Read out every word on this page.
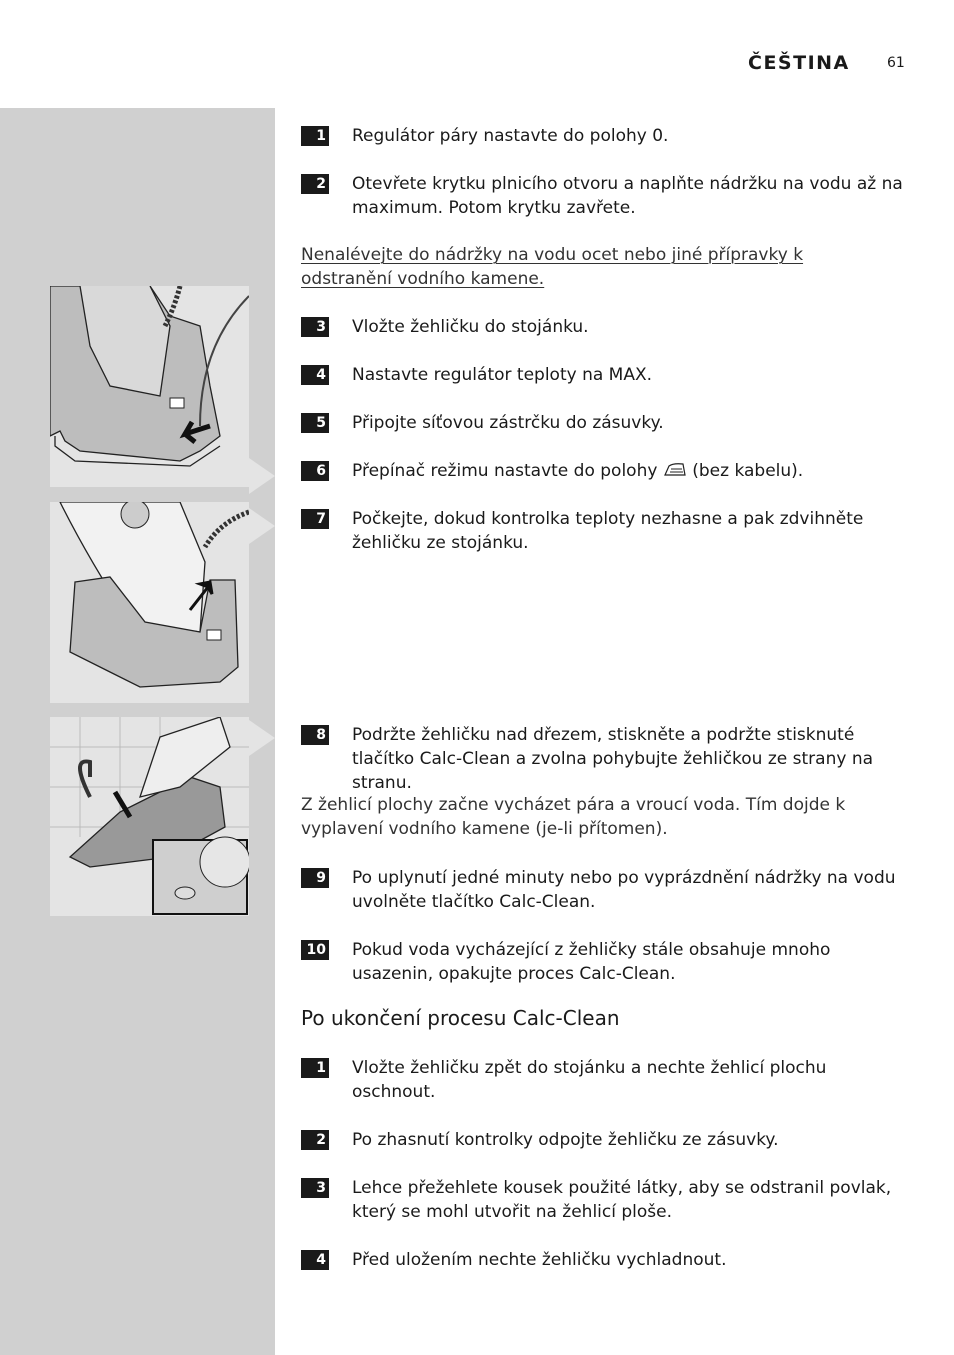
ČEŠTINA	61
1 Regulátor páry nastavte do polohy 0.
2 Otevřete krytku plnicího otvoru a naplňte nádržku na vodu až na maximum. Potom krytku zavřete.
Nenalévejte do nádržky na vodu ocet nebo jiné přípravky k odstranění vodního kamene.
3 Vložte žehličku do stojánku.
4 Nastavte regulátor teploty na MAX.
5 Připojte síťovou zástrčku do zásuvky.
6 Přepínač režimu nastavte do polohy (bez kabelu).
7 Počkejte, dokud kontrolka teploty nezhasne a pak zdvihněte žehličku ze stojánku.
8 Podržte žehličku nad dřezem, stiskněte a podržte stisknuté tlačítko Calc-Clean a zvolna pohybujte žehličkou ze strany na stranu.
Z žehlicí plochy začne vycházet pára a vroucí voda. Tím dojde k vyplavení vodního kamene (je-li přítomen).
9 Po uplynutí jedné minuty nebo po vyprázdnění nádržky na vodu uvolněte tlačítko Calc-Clean.
10 Pokud voda vycházející z žehličky stále obsahuje mnoho usazenin, opakujte proces Calc-Clean.
Po ukončení procesu Calc-Clean
1 Vložte žehličku zpět do stojánku a nechte žehlicí plochu oschnout.
2 Po zhasnutí kontrolky odpojte žehličku ze zásuvky.
3 Lehce přežehlete kousek použité látky, aby se odstranil povlak, který se mohl utvořit na žehlicí ploše.
4 Před uložením nechte žehličku vychladnout.
